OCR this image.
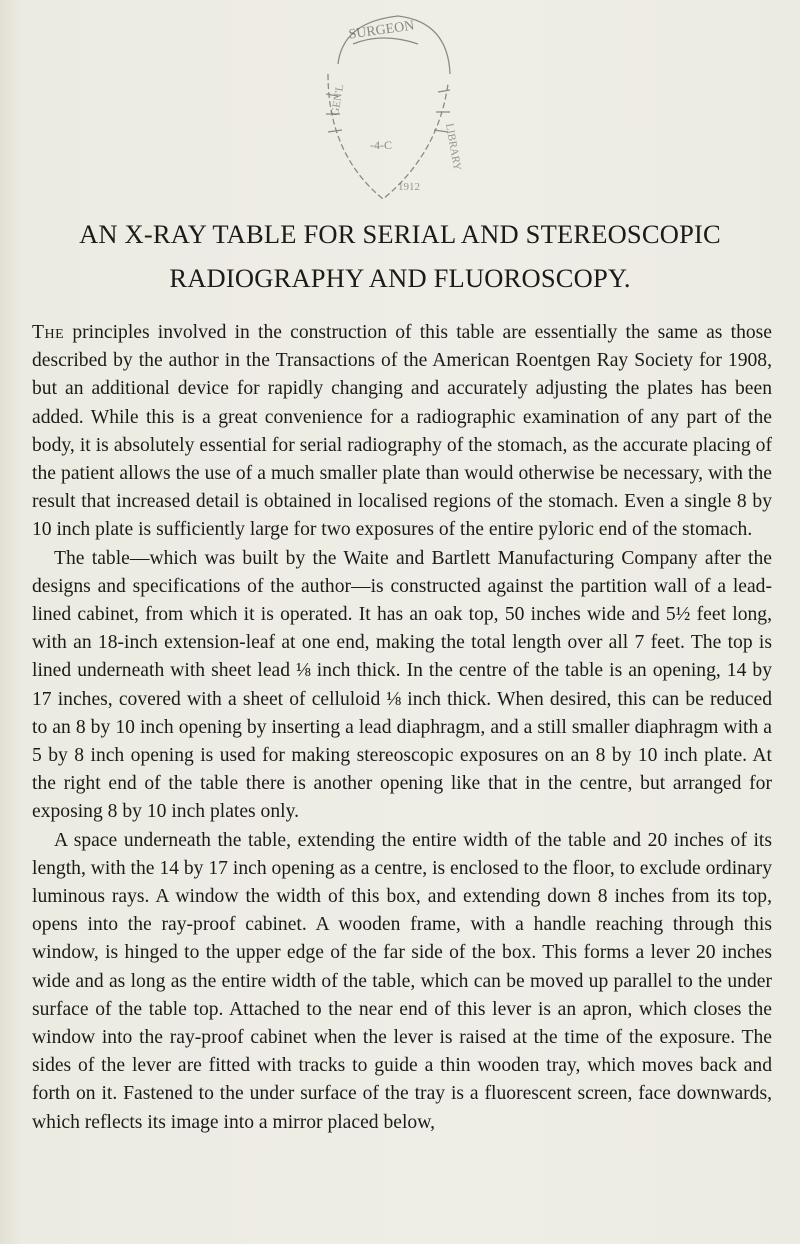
SURGEON
-4-C
GEN'L
LIBRARY
1912
AN X-RAY TABLE FOR SERIAL AND STEREOSCOPIC
RADIOGRAPHY AND FLUOROSCOPY.

The principles involved in the construction of this table are essentially the same as those described by the author in the Transactions of the American Roentgen Ray Society for 1908, but an additional device for rapidly changing and accurately adjusting the plates has been added. While this is a great convenience for a radiographic examination of any part of the body, it is absolutely essential for serial radiography of the stomach, as the accurate placing of the patient allows the use of a much smaller plate than would otherwise be necessary, with the result that increased detail is obtained in localised regions of the stomach. Even a single 8 by 10 inch plate is sufficiently large for two exposures of the entire pyloric end of the stomach.

The table—which was built by the Waite and Bartlett Manufacturing Company after the designs and specifications of the author—is constructed against the partition wall of a lead-lined cabinet, from which it is operated. It has an oak top, 50 inches wide and 5½ feet long, with an 18-inch extension-leaf at one end, making the total length over all 7 feet. The top is lined underneath with sheet lead ⅛ inch thick. In the centre of the table is an opening, 14 by 17 inches, covered with a sheet of celluloid ⅛ inch thick. When desired, this can be reduced to an 8 by 10 inch opening by inserting a lead diaphragm, and a still smaller diaphragm with a 5 by 8 inch opening is used for making stereoscopic exposures on an 8 by 10 inch plate. At the right end of the table there is another opening like that in the centre, but arranged for exposing 8 by 10 inch plates only.

A space underneath the table, extending the entire width of the table and 20 inches of its length, with the 14 by 17 inch opening as a centre, is enclosed to the floor, to exclude ordinary luminous rays. A window the width of this box, and extending down 8 inches from its top, opens into the ray-proof cabinet. A wooden frame, with a handle reaching through this window, is hinged to the upper edge of the far side of the box. This forms a lever 20 inches wide and as long as the entire width of the table, which can be moved up parallel to the under surface of the table top. Attached to the near end of this lever is an apron, which closes the window into the ray-proof cabinet when the lever is raised at the time of the exposure. The sides of the lever are fitted with tracks to guide a thin wooden tray, which moves back and forth on it. Fastened to the under surface of the tray is a fluorescent screen, face downwards, which reflects its image into a mirror placed below,
